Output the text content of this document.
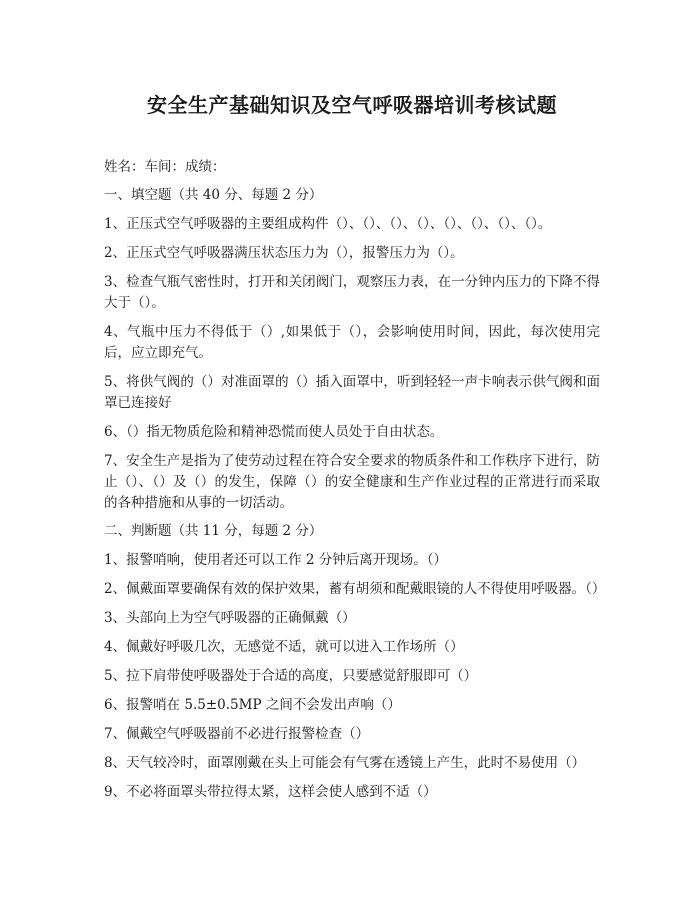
安全生产基础知识及空气呼吸器培训考核试题

姓名：车间：成绩：

一、填空题（共 40 分、每题 2 分）

1、正压式空气呼吸器的主要组成构件（）、（）、（）、（）、（）、（）、（）、（）。

2、正压式空气呼吸器满压状态压力为（），报警压力为（）。

3、检查气瓶气密性时，打开和关闭阀门，观察压力表，在一分钟内压力的下降不得大于（）。

4、气瓶中压力不得低于（）,如果低于（），会影响使用时间，因此，每次使用完后，应立即充气。

5、将供气阀的（）对准面罩的（）插入面罩中，听到轻轻一声卡响表示供气阀和面罩已连接好

6、（）指无物质危险和精神恐慌而使人员处于自由状态。

7、安全生产是指为了使劳动过程在符合安全要求的物质条件和工作秩序下进行，防止（）、（）及（）的发生，保障（）的安全健康和生产作业过程的正常进行而采取的各种措施和从事的一切活动。

二、判断题（共 11 分，每题 2 分）

1、报警哨响，使用者还可以工作 2 分钟后离开现场。（）

2、佩戴面罩要确保有效的保护效果，蓄有胡须和配戴眼镜的人不得使用呼吸器。（）

3、头部向上为空气呼吸器的正确佩戴（）

4、佩戴好呼吸几次，无感觉不适，就可以进入工作场所（）

5、拉下肩带使呼吸器处于合适的高度，只要感觉舒服即可（）

6、报警哨在 5.5±0.5MP 之间不会发出声响（）

7、佩戴空气呼吸器前不必进行报警检查（）

8、天气较冷时，面罩刚戴在头上可能会有气雾在透镜上产生，此时不易使用（）

9、不必将面罩头带拉得太紧，这样会使人感到不适（）
